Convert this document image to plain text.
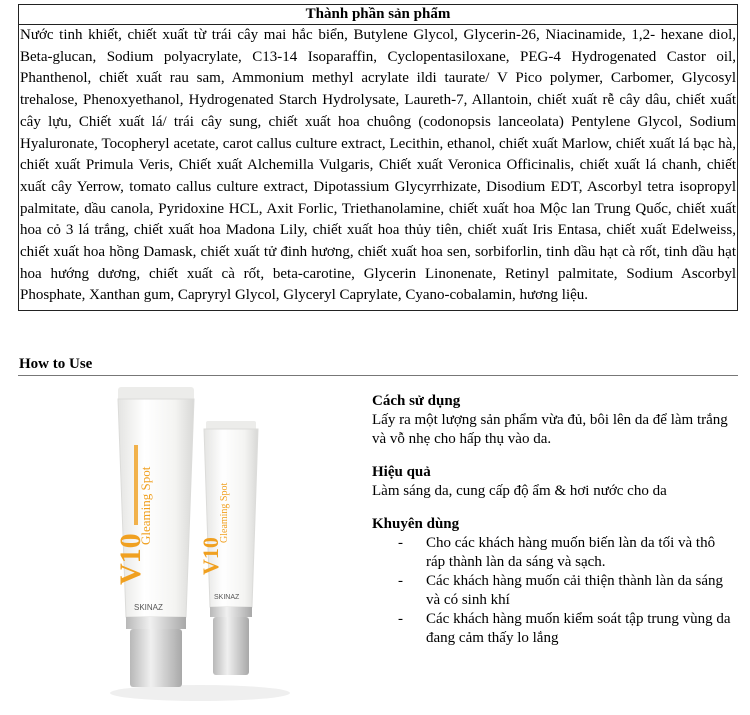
Thành phần sản phẩm

Nước tinh khiết, chiết xuất từ trái cây mai hắc biển, Butylene Glycol, Glycerin-26, Niacinamide, 1,2- hexane diol, Beta-glucan, Sodium polyacrylate, C13-14 Isoparaffin, Cyclopentasiloxane, PEG-4 Hydrogenated Castor oil, Phanthenol, chiết xuất rau sam, Ammonium methyl acrylate ildi taurate/ V Pico polymer, Carbomer, Glycosyl trehalose, Phenoxyethanol, Hydrogenated Starch Hydrolysate, Laureth-7, Allantoin, chiết xuất rễ cây dâu, chiết xuất cây lựu, Chiết xuất lá/ trái cây sung, chiết xuất hoa chuông (codonopsis lanceolata) Pentylene Glycol, Sodium Hyaluronate, Tocopheryl acetate, carot callus culture extract, Lecithin, ethanol, chiết xuất Marlow, chiết xuất lá bạc hà, chiết xuất Primula Veris, Chiết xuất Alchemilla Vulgaris, Chiết xuất Veronica Officinalis, chiết xuất lá chanh, chiết xuất cây Yerrow, tomato callus culture extract, Dipotassium Glycyrrhizate, Disodium EDT, Ascorbyl tetra isopropyl palmitate, dầu canola, Pyridoxine HCL, Axit Forlic, Triethanolamine, chiết xuất hoa Mộc lan Trung Quốc, chiết xuất hoa cỏ 3 lá trắng, chiết xuất hoa Madona Lily, chiết xuất hoa thủy tiên, chiết xuất Iris Entasa, chiết xuất Edelweiss, chiết xuất hoa hồng Damask, chiết xuất tử đinh hương, chiết xuất hoa sen, sorbiforlin, tinh dầu hạt cà rốt, tinh dầu hạt hoa hướng dương, chiết xuất cà rốt, beta-carotine, Glycerin Linonenate, Retinyl palmitate, Sodium Ascorbyl Phosphate, Xanthan gum, Capryryl Glycol, Glyceryl Caprylate, Cyano-cobalamin, hương liệu.

How to Use
V10
Gleaming Spot
SKINAZ
V10
Gleaming Spot
SKINAZ

Cách sử dụng

Lấy ra một lượng sản phẩm vừa đủ, bôi lên da để làm trắng và vỗ nhẹ cho hấp thụ vào da.

Hiệu quả

Làm sáng da, cung cấp độ ẩm & hơi nước cho da

Khuyên dùng

- Cho các khách hàng muốn biến làn da tối và thô ráp thành làn da sáng và sạch.
- Các khách hàng muốn cải thiện thành làn da sáng và có sinh khí
- Các khách hàng muốn kiểm soát tập trung vùng da đang cảm thấy lo lắng
